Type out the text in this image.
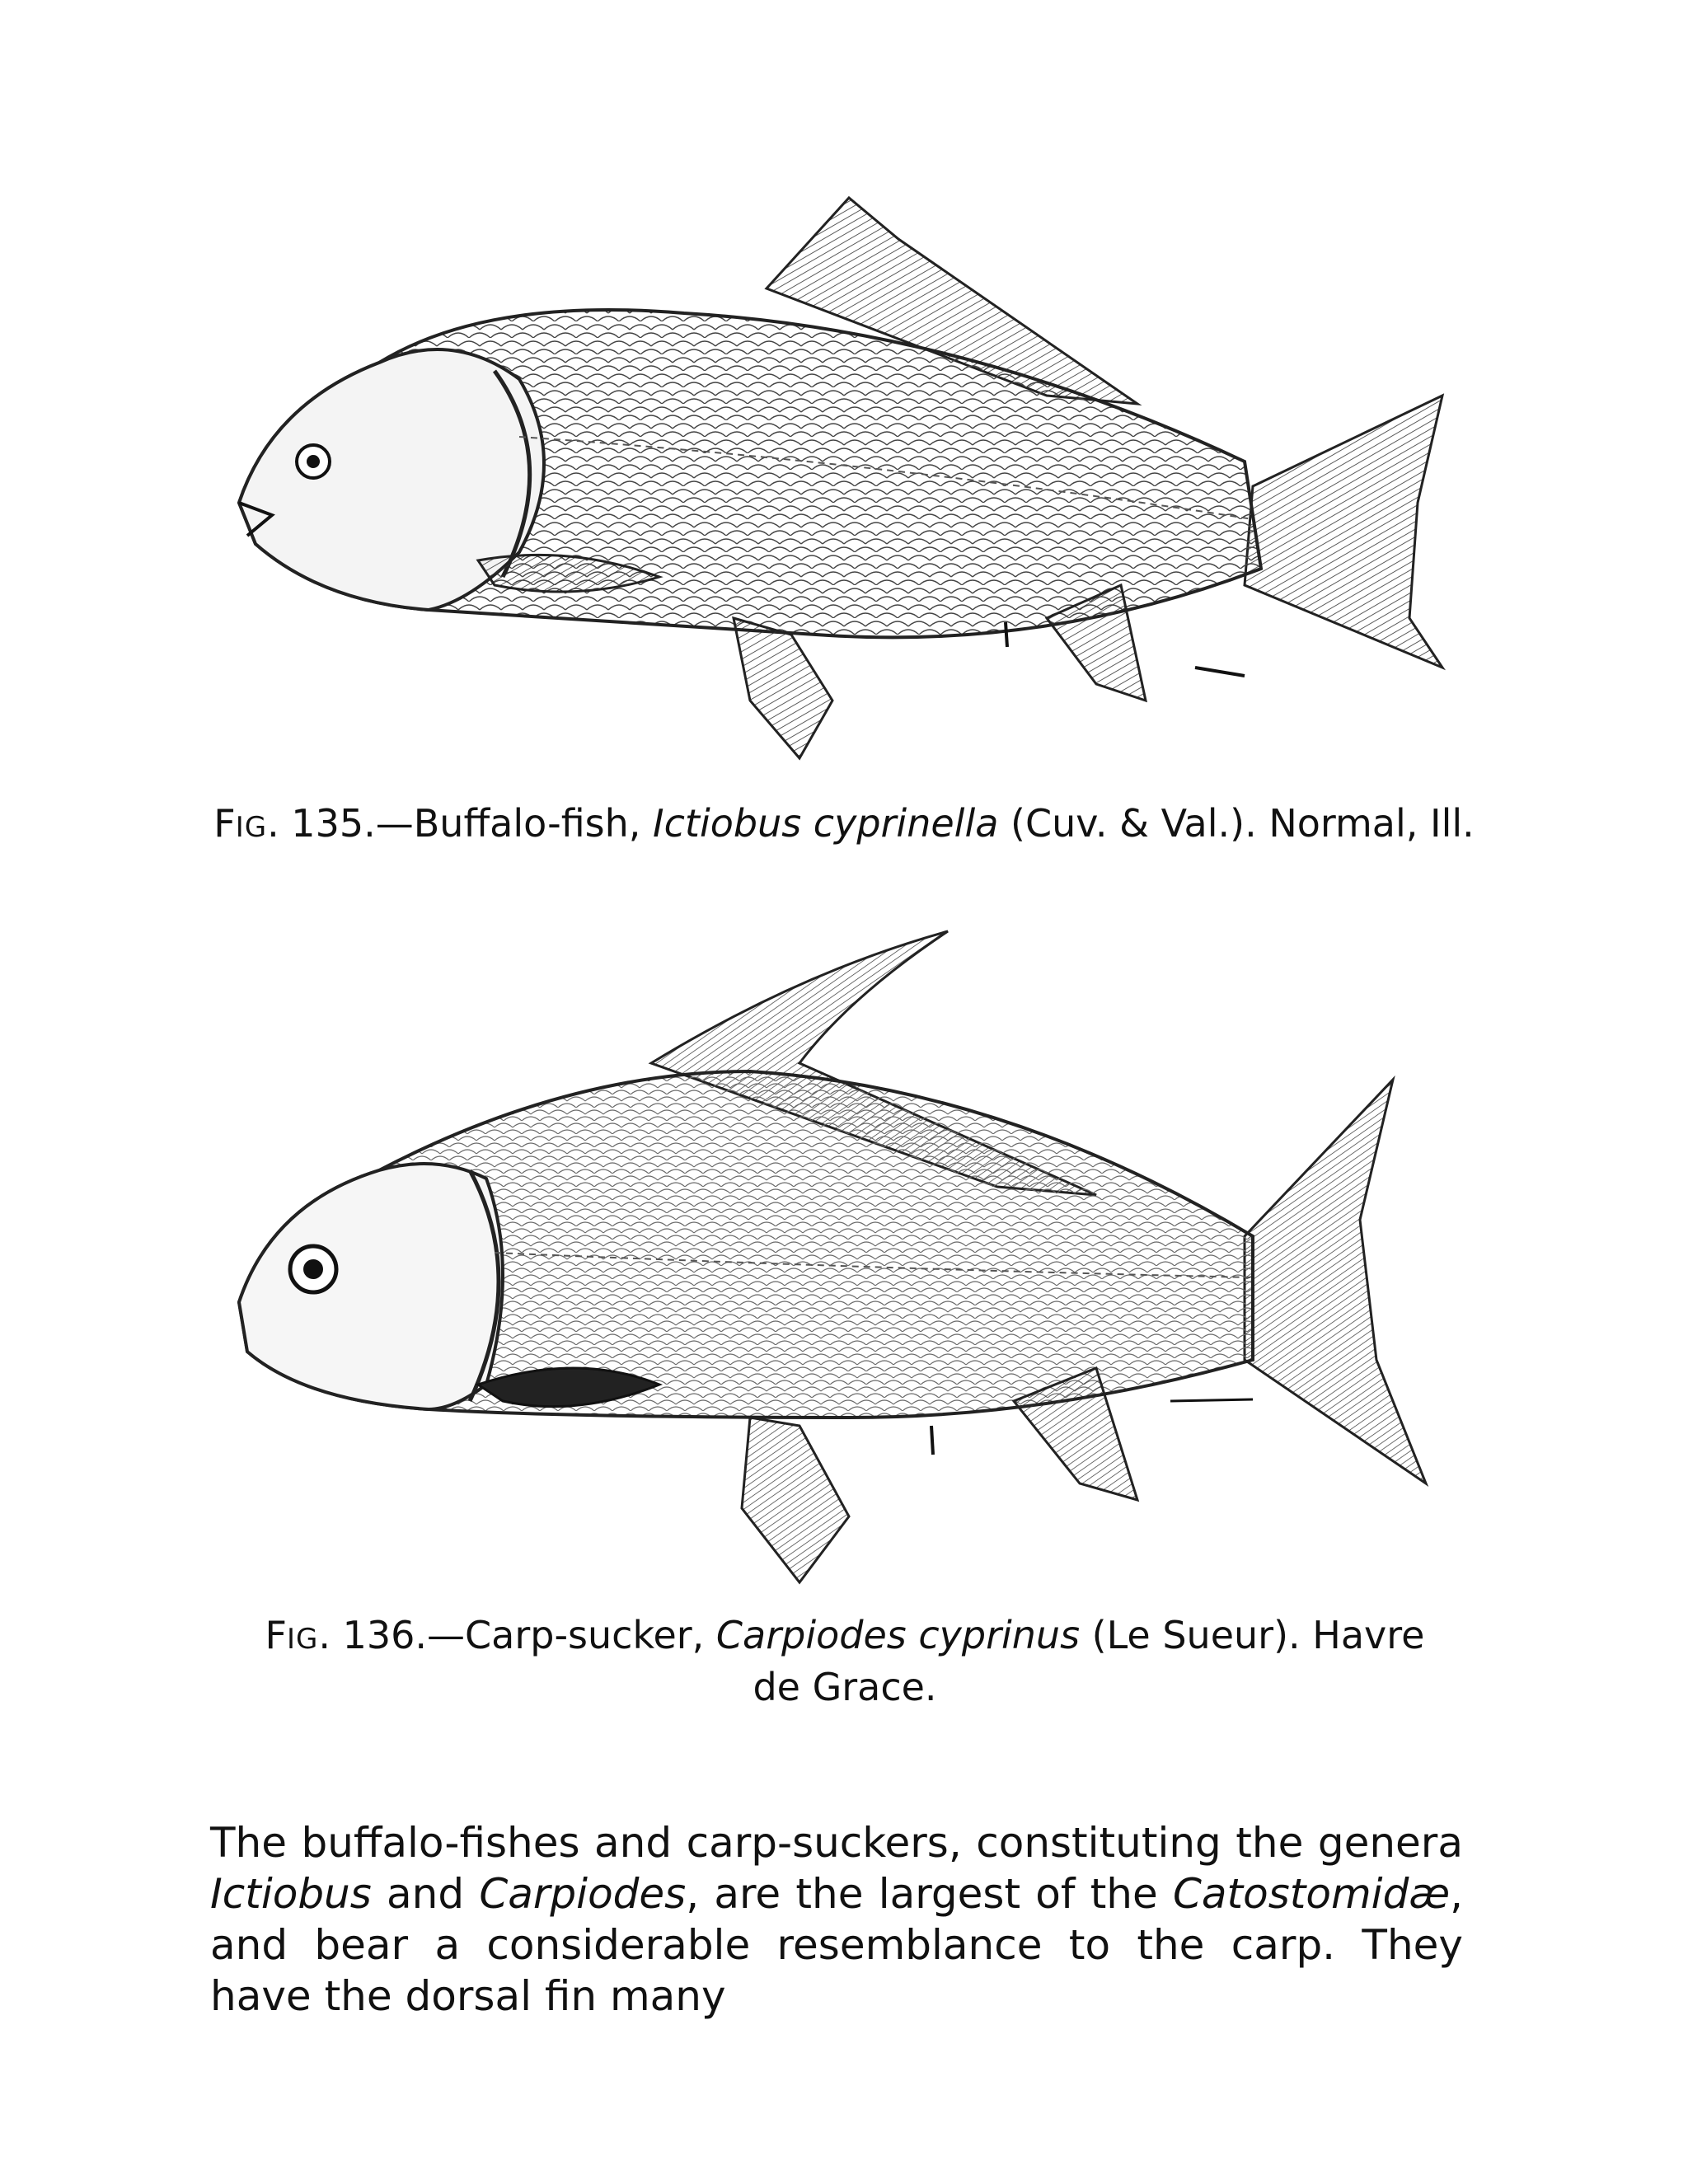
FIG. 135.—Buffalo-fish, Ictiobus cyprinella (Cuv. & Val.). Normal, Ill.
FIG. 136.—Carp-sucker, Carpiodes cyprinus (Le Sueur). Havre de Grace.

The buffalo-fishes and carp-suckers, constituting the genera Ictiobus and Carpiodes, are the largest of the Catostomidæ, and bear a considerable resemblance to the carp. They have the dorsal fin many
